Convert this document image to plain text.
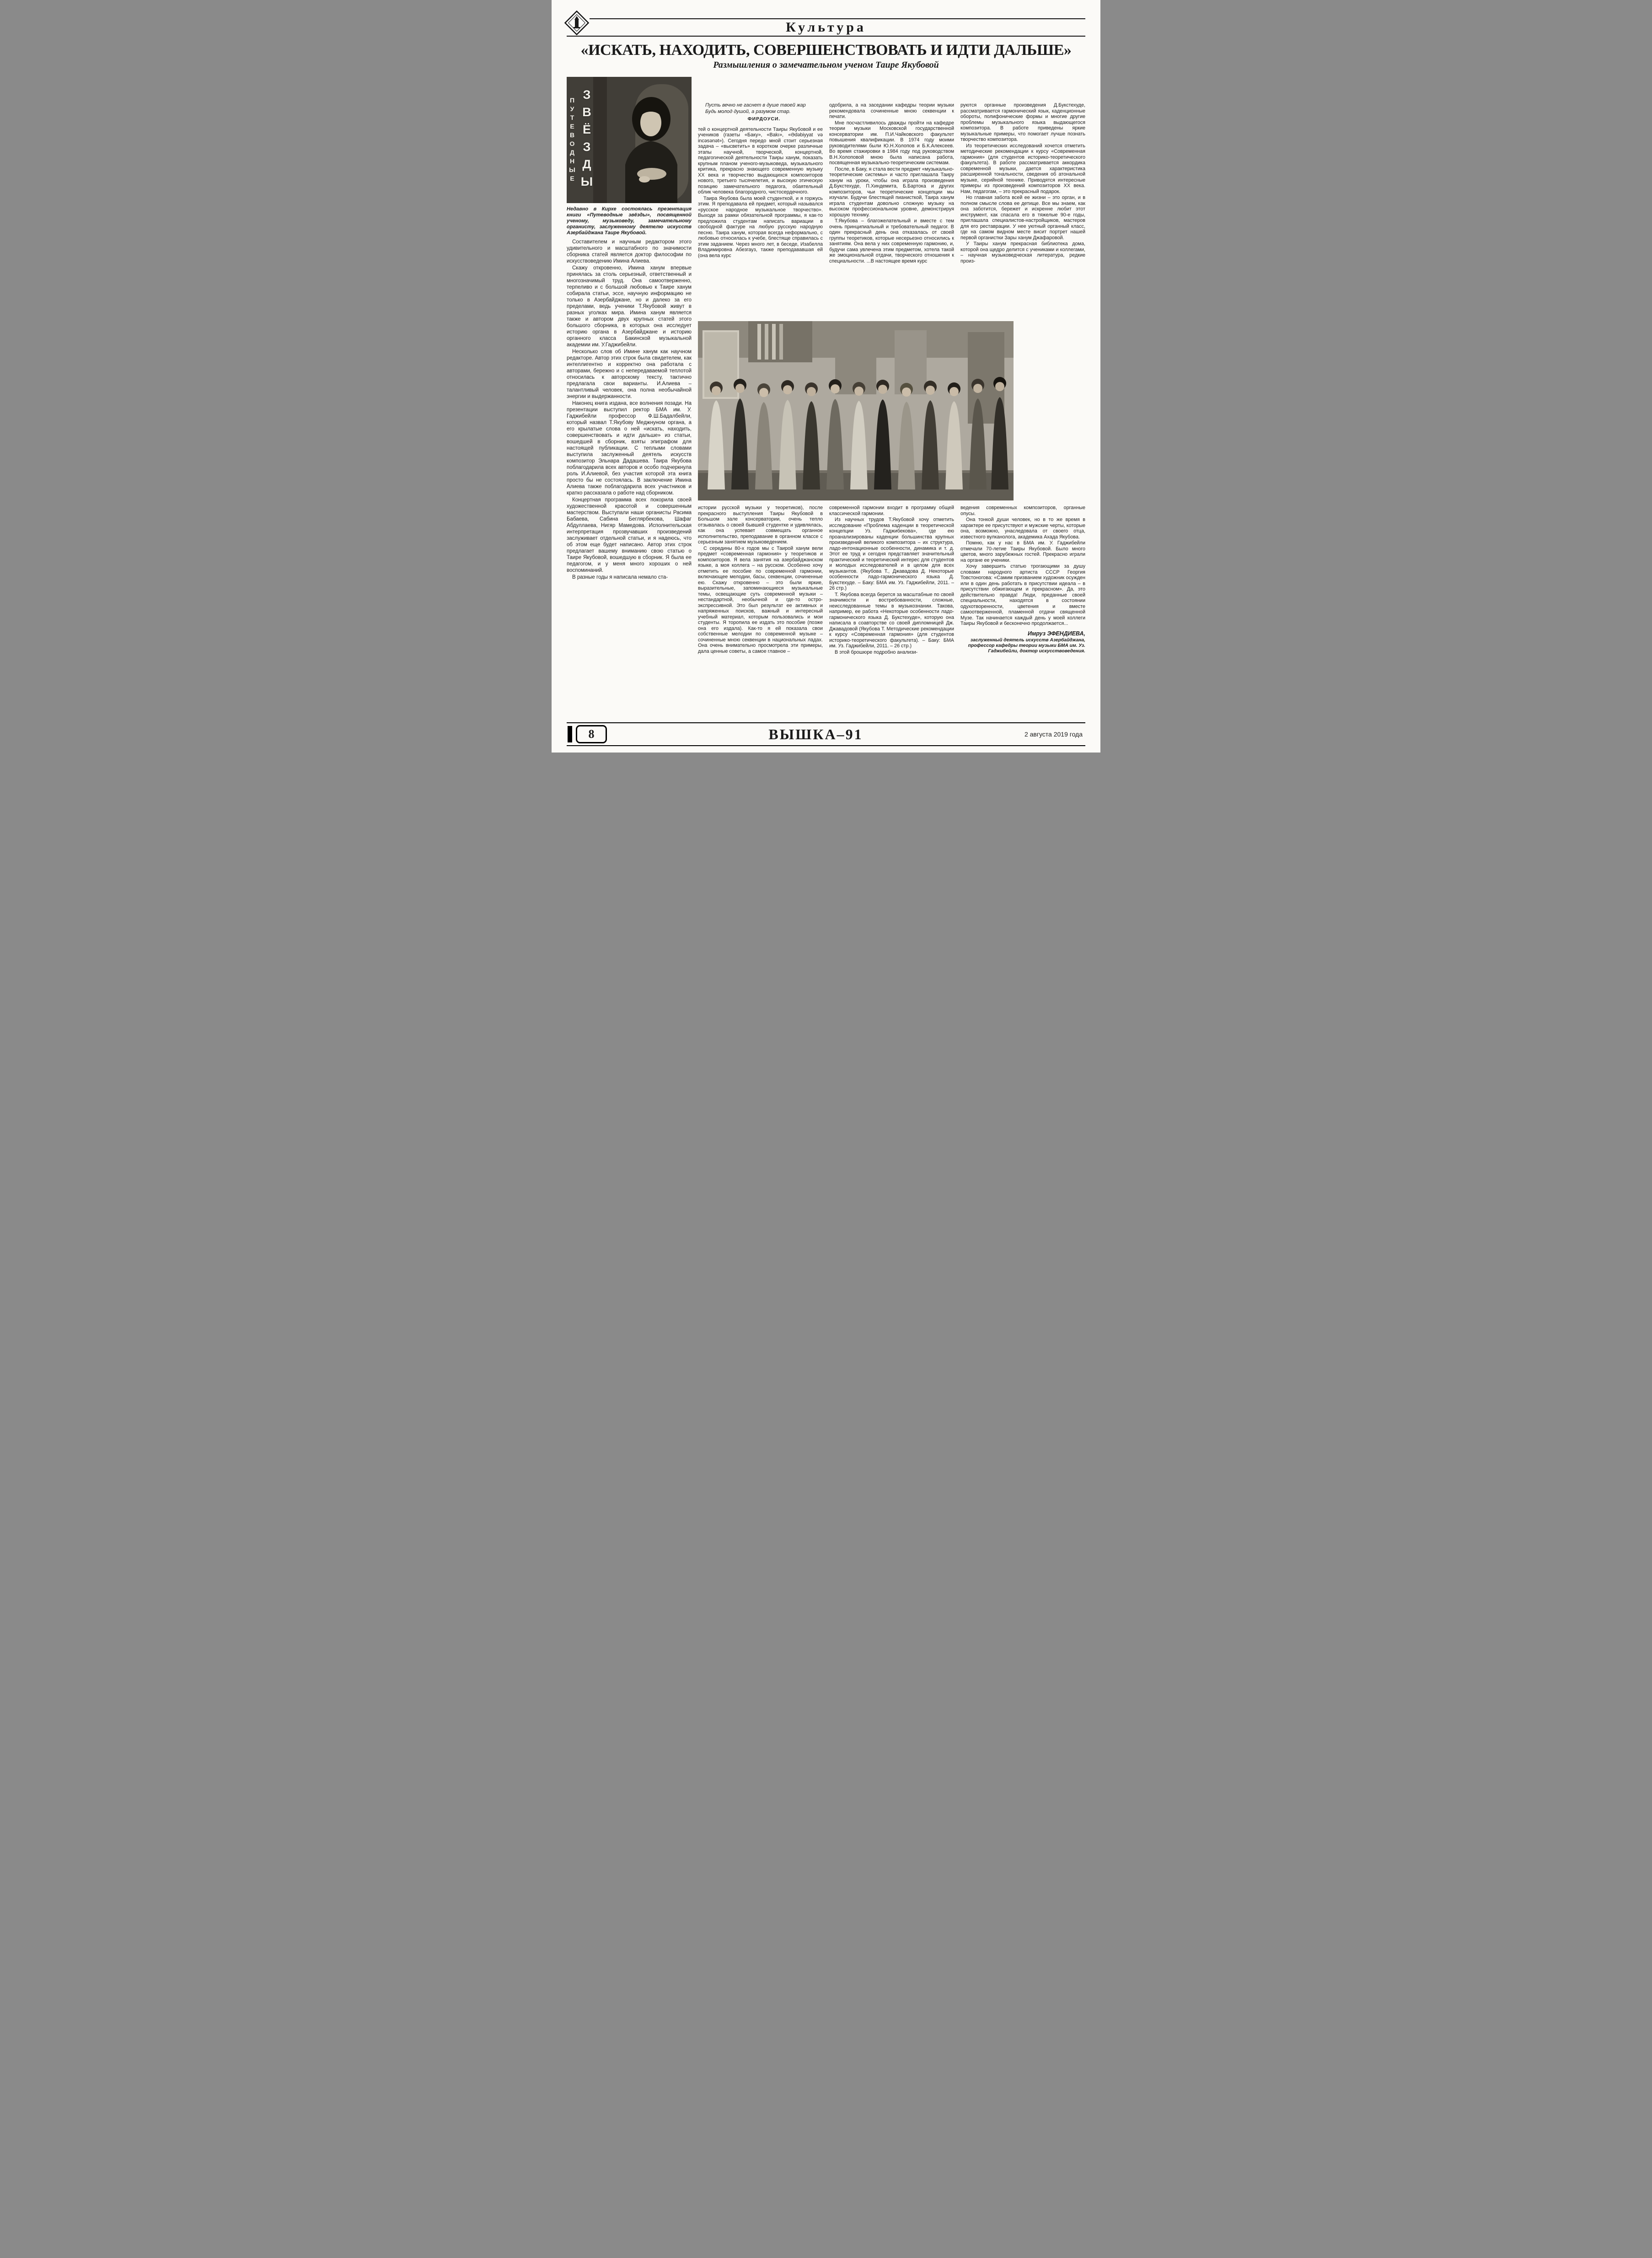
Культура
«ИСКАТЬ, НАХОДИТЬ, СОВЕРШЕНСТВОВАТЬ И ИДТИ ДАЛЬШЕ»
Размышления о замечательном ученом Таире Якубовой
ПУТЕВОДНЫЕ ЗВЁЗДЫ

Недавно в Кирхе состоялась презентация книги «Путеводные звёзды», посвященной ученому, музыковеду, замечательному органисту, заслуженному деятелю искусств Азербайджана Таире Якубовой.

Составителем и научным редактором этого удивительного и масштабного по значимости сборника статей является доктор философии по искусствоведению Имина Алиева.

Скажу откровенно, Имина ханум впервые принялась за столь серьезный, ответственный и многозначимый труд. Она самоотверженно, терпеливо и с большой любовью к Таире ханум собирала статьи, эссе, научную информацию не только в Азербайджане, но и далеко за его пределами, ведь ученики Т.Якубовой живут в разных уголках мира. Имина ханум является также и автором двух крупных статей этого большого сборника, в которых она исследует историю органа в Азербайджане и историю органного класса Бакинской музыкальной академии им. У.Гаджибейли.

Несколько слов об Имине ханум как научном редакторе. Автор этих строк была свидетелем, как интеллигентно и корректно она работала с авторами, бережно и с непередаваемой теплотой относилась к авторскому тексту, тактично предлагала свои варианты. И.Алиева – талантливый человек, она полна необычайной энергии и выдержанности.

Наконец книга издана, все волнения позади. На презентации выступил ректор БМА им. У. Гаджибейли профессор Ф.Ш.Бадалбейли, который назвал Т.Якубову Меджнуном органа, а его крылатые слова о ней «искать, находить, совершенствовать и идти дальше» из статьи, вошедшей в сборник, взяты эпиграфом для настоящей публикации. С теплыми словами выступила заслуженный деятель искусств композитор Эльнара Дадашева. Таира Якубова поблагодарила всех авторов и особо подчеркнула роль И.Алиевой, без участия которой эта книга просто бы не состоялась. В заключение Имина Алиева также поблагодарила всех участников и кратко рассказала о работе над сборником.

Концертная программа всех покорила своей художественной красотой и совершенным мастерством. Выступали наши органисты Расима Бабаева, Сабина Беглярбекова, Шафаг Абдуллаева, Нигяр Мамедова. Исполнительская интерпретация прозвучавших произведений заслуживает отдельной статьи, и я надеюсь, что об этом еще будет написано. Автор этих строк предлагает вашему вниманию свою статью о Таире Якубовой, вошедшую в сборник. Я была ее педагогом, и у меня много хороших о ней воспоминаний.

В разные годы я написала немало ста-

Пусть вечно не гаснет в душе твоей жар
Будь молод душой, а разумом стар.
ФИРДОУСИ.

тей о концертной деятельности Таиры Якубовой и ее учеников (газеты «Баку», «Ваkı», «Ədəbiyyat və incəsənət»). Сегодня передо мной стоит серьезная задача – «высветить» в коротком очерке различные этапы научной, творческой, концертной, педагогической деятельности Таиры ханум, показать крупным планом ученого-музыковеда, музыкального критика, прекрасно знающего современную музыку XX века и творчество выдающихся композиторов нового, третьего тысячелетия, и высокую этическую позицию замечательного педагога, обаятельный облик человека благородного, чистосердечного.

Таира Якубова была моей студенткой, и я горжусь этим. Я преподавала ей предмет, который назывался «русское народное музыкальное творчество». Выходя за рамки обязательной программы, я как-то предложила студентам написать вариации в свободной фактуре на любую русскую народную песню. Таира ханум, которая всегда неформально, с любовью относилась к учебе, блестяще справилась с этим заданием. Через много лет, в беседе, Изабелла Владимировна Абезгауз, также преподававшая ей (она вела курс

одобрила, а на заседании кафедры теории музыки рекомендовала сочиненные мною секвенции к печати.

Мне посчастливилось дважды пройти на кафедре теории музыки Московской государственной консерватории им. П.И.Чайковского факультет повышения квалификации. В 1974 году моими руководителями были Ю.Н.Холопов и Б.К.Алексеев. Во время стажировки в 1984 году под руководством В.Н.Холоповой мною была написана работа, посвященная музыкально-теоретическим системам.

После, в Баку, я стала вести предмет «музыкально-теоретические системы» и часто приглашала Таиру ханум на уроки, чтобы она играла произведения Д.Букстехуде, П.Хиндемита, Б.Бартока и других композиторов, чьи теоретические концепции мы изучали. Будучи блестящей пианисткой, Таира ханум играла студентам довольно сложную музыку на высоком профессиональном уровне, демонстрируя хорошую технику.

Т.Якубова – благожелательный и вместе с тем очень принципиальный и требовательный педагог. В один прекрасный день она отказалась от своей группы теоретиков, которые несерьезно относились к занятиям. Она вела у них современную гармонию, и, будучи сама увлечена этим предметом, хотела такой же эмоциональной отдачи, творческого отношения к специальности. ...В настоящее время курс

руются органные произведения Д.Букстехуде, рассматривается гармонический язык, каденционные обороты, полифонические формы и многие другие проблемы музыкального языка выдающегося композитора. В работе приведены яркие музыкальные примеры, что помогает лучше познать творчество композитора.

Из теоретических исследований хочется отметить методические рекомендации к курсу «Современная гармония» (для студентов историко-теоретического факультета). В работе рассматривается аккордика современной музыки, дается характеристика расширенной тональности, сведения об атональной музыке, серийной технике. Приводятся интересные примеры из произведений композиторов XX века. Нам, педагогам, – это прекрасный подарок.

Но главная забота всей ее жизни – это орган, и в полном смысле слова ее детище. Все мы знаем, как она заботится, бережет и искренне любит этот инструмент, как спасала его в тяжелые 90-е годы, приглашала специалистов-настройщиков, мастеров для его реставрации. У нее уютный органный класс, где на самом видном месте висит портрет нашей первой органистки Зары ханум Джафаровой.

У Таиры ханум прекрасная библиотека дома, которой она щедро делится с учениками и коллегами, – научная музыковедческая литература, редкие произ-

истории русской музыки у теоретиков), после прекрасного выступления Таиры Якубовой в Большом зале консерватории, очень тепло отзывалась о своей бывшей студентке и удивлялась, как она успевает совмещать органное исполнительство, преподавание в органном классе с серьезным занятием музыковедением.

С середины 80-х годов мы с Таирой ханум вели предмет «современная гармония» у теоретиков и композиторов. Я вела занятия на азербайджанском языке, а моя коллега – на русском. Особенно хочу отметить ее пособие по современной гармонии, включающее мелодии, басы, секвенции, сочиненные ею. Скажу откровенно – это были яркие, выразительные, запоминающиеся музыкальные темы, освещающие суть современной музыки – нестандартной, необычной и где-то остро-экспрессивной. Это был результат ее активных и напряженных поисков, важный и интересный учебный материал, которым пользовались и мои студенты. Я торопила ее издать это пособие (позже она его издала). Как-то я ей показала свои собственные мелодии по современной музыке – сочиненные мною секвенции в национальных ладах. Она очень внимательно просмотрела эти примеры, дала ценные советы, а самое главное –

современной гармонии входит в программу общей классической гармонии.

Из научных трудов Т.Якубовой хочу отметить исследование «Проблема каденции в теоретической концепции Уз. Гаджибекова», где ею проанализированы каденции большинства крупных произведений великого композитора – их структура, ладо-интонационные особенности, динамика и т. д. Этот ее труд и сегодня представляет значительный практический и теоретический интерес для студентов и молодых исследователей и в целом для всех музыкантов. (Якубова Т., Джавадова Д. Некоторые особенности ладо-гармонического языка Д. Букстехуде. – Баку: БМА им. Уз. Гаджибейли, 2011. – 26 стр.)

Т. Якубова всегда берется за масштабные по своей значимости и востребованности, сложные, неисследованные темы в музыкознании. Такова, например, ее работа «Некоторые особенности ладо-гармонического языка Д. Букстехуде», которую она написала в соавторстве со своей дипломницей Дж. Джавадовой (Якубова Т. Методические рекомендации к курсу «Современная гармония» (для студентов историко-теоретического факультета). – Баку: БМА им. Уз. Гаджибейли, 2011. – 26 стр.)

В этой брошюре подробно анализи-

ведения современных композиторов, органные опусы.

Она тонкой души человек, но в то же время в характере ее присутствуют и мужские черты, которые она, возможно, унаследовала от своего отца, известного вулканолога, академика Ахада Якубова.

Помню, как у нас в БМА им. У. Гаджибейли отмечали 70-летие Таиры Якубовой. Было много цветов, много зарубежных гостей. Прекрасно играли на органе ее ученики.

Хочу завершить статью трогающими за душу словами народного артиста СССР Георгия Товстоногова: «Самим призванием художник осужден или в один день работать в присутствии идеала – в присутствии обжигающем и прекрасном». Да, это действительно правда! Люди, преданные своей специальности, находятся в состоянии одухотворенности, цветения и вместе самоотверженной, пламенной отдачи священной Музе. Так начинается каждый день у моей коллеги Таиры Якубовой и бесконечно продолжается...

Имруз ЭФЕНДИЕВА,
заслуженный деятель искусств Азербайджана, профессор кафедры теории музыки БМА им. Уз. Гаджибейли, доктор искусствоведения.
8	ВЫШКА–91	2 августа 2019 года
